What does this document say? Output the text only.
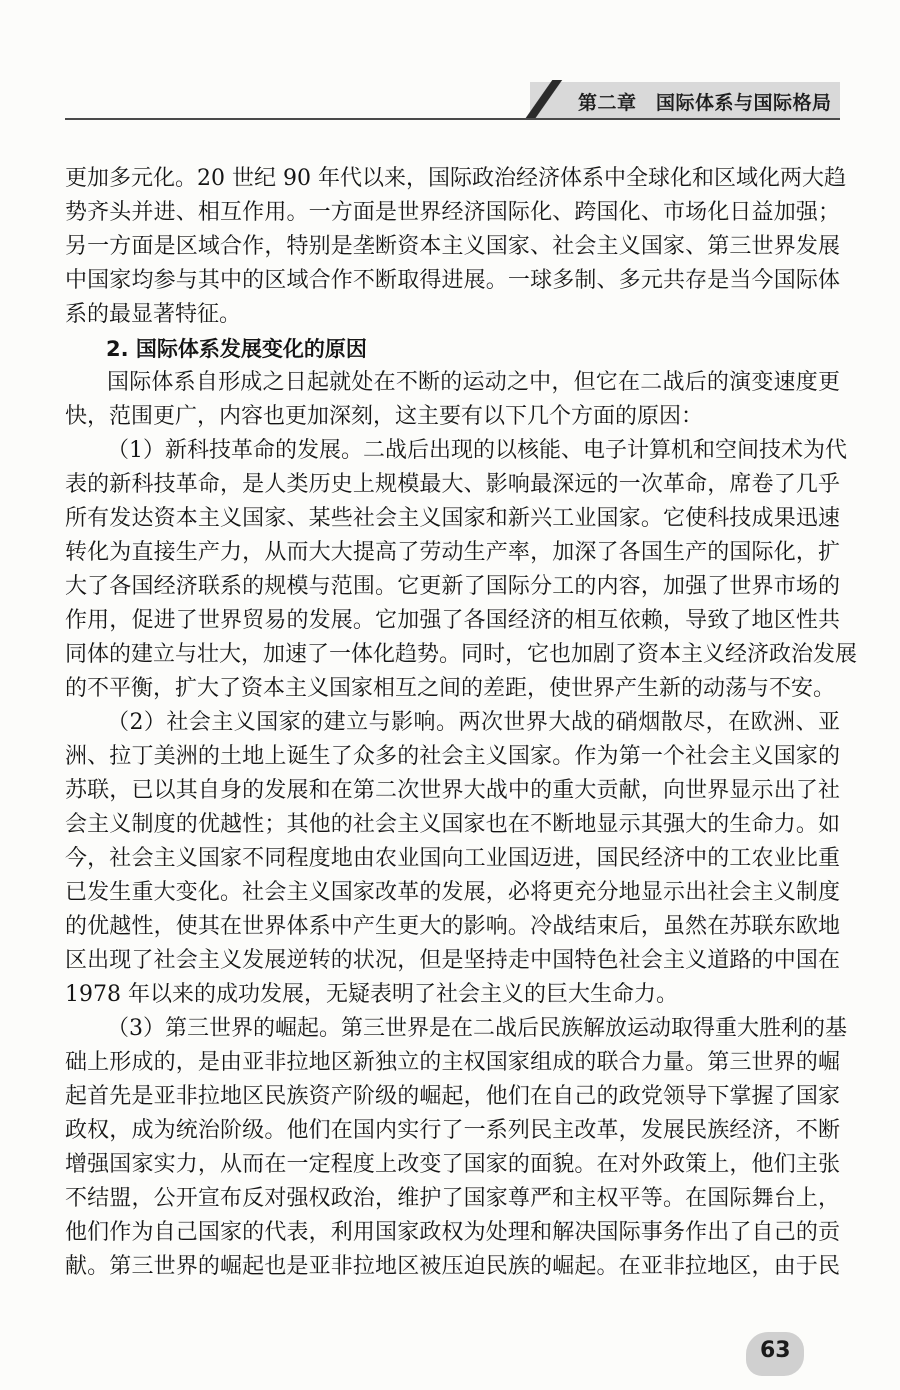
第二章　国际体系与国际格局
更加多元化。20 世纪 90 年代以来，国际政治经济体系中全球化和区域化两大趋
势齐头并进、相互作用。一方面是世界经济国际化、跨国化、市场化日益加强；
另一方面是区域合作，特别是垄断资本主义国家、社会主义国家、第三世界发展
中国家均参与其中的区域合作不断取得进展。一球多制、多元共存是当今国际体
系的最显著特征。
2. 国际体系发展变化的原因
国际体系自形成之日起就处在不断的运动之中，但它在二战后的演变速度更
快，范围更广，内容也更加深刻，这主要有以下几个方面的原因：
（1）新科技革命的发展。二战后出现的以核能、电子计算机和空间技术为代
表的新科技革命，是人类历史上规模最大、影响最深远的一次革命，席卷了几乎
所有发达资本主义国家、某些社会主义国家和新兴工业国家。它使科技成果迅速
转化为直接生产力，从而大大提高了劳动生产率，加深了各国生产的国际化，扩
大了各国经济联系的规模与范围。它更新了国际分工的内容，加强了世界市场的
作用，促进了世界贸易的发展。它加强了各国经济的相互依赖，导致了地区性共
同体的建立与壮大，加速了一体化趋势。同时，它也加剧了资本主义经济政治发展
的不平衡，扩大了资本主义国家相互之间的差距，使世界产生新的动荡与不安。
（2）社会主义国家的建立与影响。两次世界大战的硝烟散尽，在欧洲、亚
洲、拉丁美洲的土地上诞生了众多的社会主义国家。作为第一个社会主义国家的
苏联，已以其自身的发展和在第二次世界大战中的重大贡献，向世界显示出了社
会主义制度的优越性；其他的社会主义国家也在不断地显示其强大的生命力。如
今，社会主义国家不同程度地由农业国向工业国迈进，国民经济中的工农业比重
已发生重大变化。社会主义国家改革的发展，必将更充分地显示出社会主义制度
的优越性，使其在世界体系中产生更大的影响。冷战结束后，虽然在苏联东欧地
区出现了社会主义发展逆转的状况，但是坚持走中国特色社会主义道路的中国在
1978 年以来的成功发展，无疑表明了社会主义的巨大生命力。
（3）第三世界的崛起。第三世界是在二战后民族解放运动取得重大胜利的基
础上形成的，是由亚非拉地区新独立的主权国家组成的联合力量。第三世界的崛
起首先是亚非拉地区民族资产阶级的崛起，他们在自己的政党领导下掌握了国家
政权，成为统治阶级。他们在国内实行了一系列民主改革，发展民族经济，不断
增强国家实力，从而在一定程度上改变了国家的面貌。在对外政策上，他们主张
不结盟，公开宣布反对强权政治，维护了国家尊严和主权平等。在国际舞台上，
他们作为自己国家的代表，利用国家政权为处理和解决国际事务作出了自己的贡
献。第三世界的崛起也是亚非拉地区被压迫民族的崛起。在亚非拉地区，由于民
63
